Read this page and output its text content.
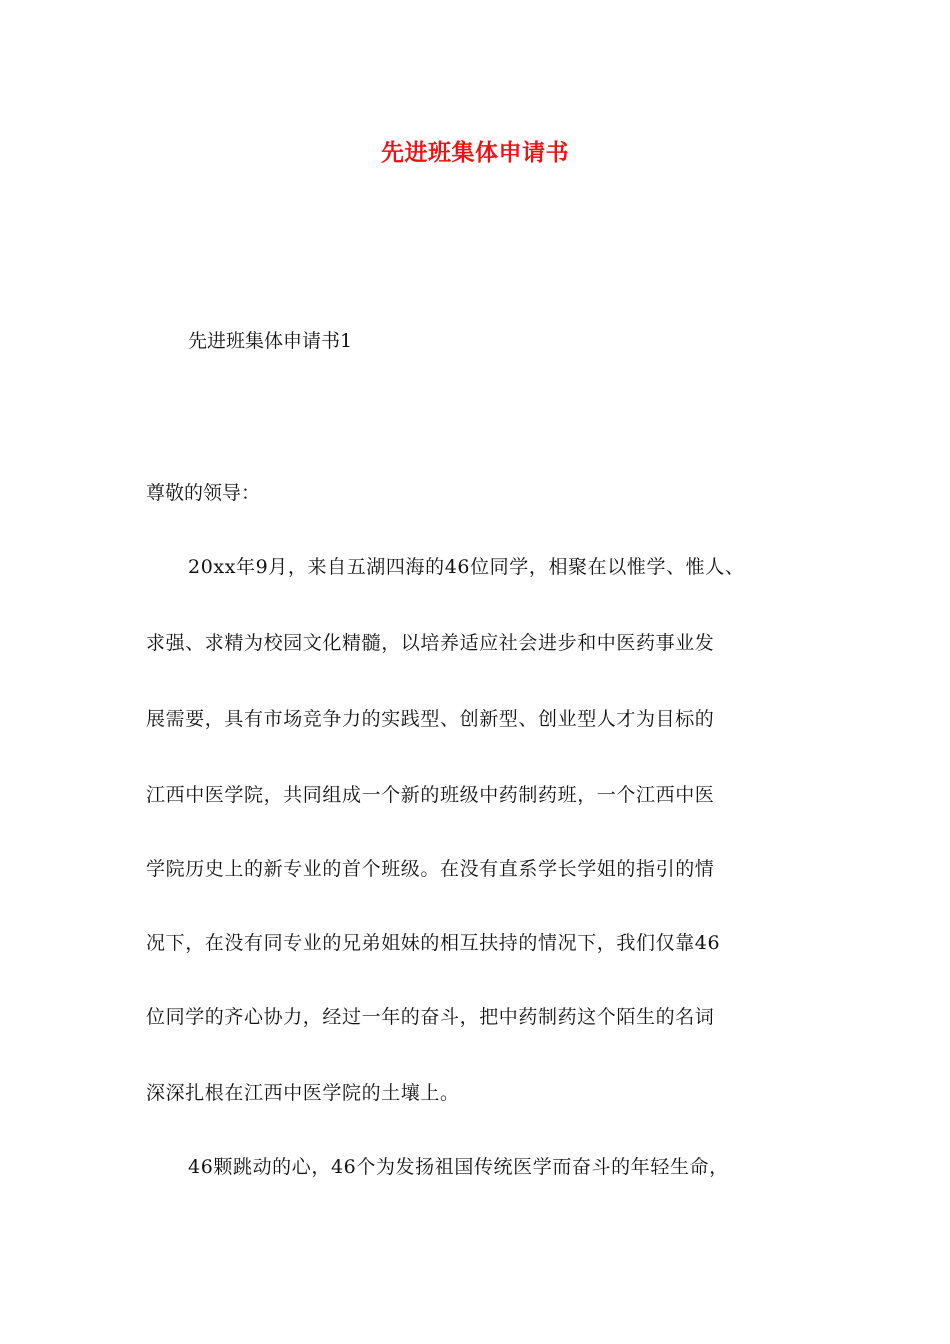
先进班集体申请书
先进班集体申请书1
尊敬的领导：
20xx年9月，来自五湖四海的46位同学，相聚在以惟学、惟人、
求强、求精为校园文化精髓，以培养适应社会进步和中医药事业发
展需要，具有市场竞争力的实践型、创新型、创业型人才为目标的
江西中医学院，共同组成一个新的班级中药制药班，一个江西中医
学院历史上的新专业的首个班级。在没有直系学长学姐的指引的情
况下，在没有同专业的兄弟姐妹的相互扶持的情况下，我们仅靠46
位同学的齐心协力，经过一年的奋斗，把中药制药这个陌生的名词
深深扎根在江西中医学院的土壤上。
46颗跳动的心，46个为发扬祖国传统医学而奋斗的年轻生命，
